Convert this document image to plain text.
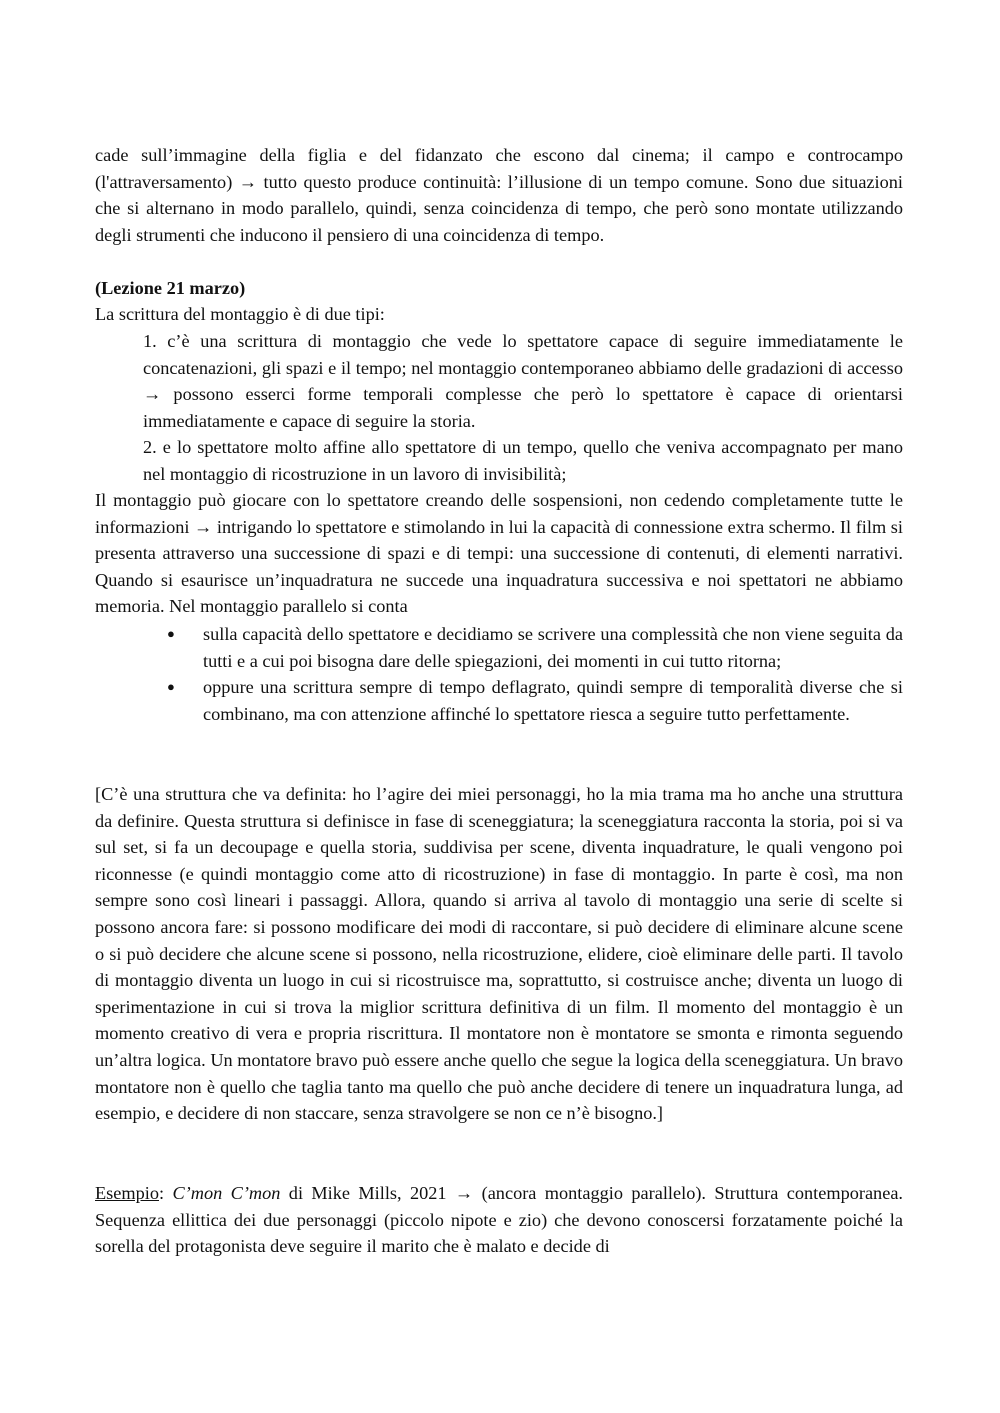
cade sull’immagine della figlia e del fidanzato che escono dal cinema; il campo e controcampo (l'attraversamento) → tutto questo produce continuità: l’illusione di un tempo comune. Sono due situazioni che si alternano in modo parallelo, quindi, senza coincidenza di tempo, che però sono montate utilizzando degli strumenti che inducono il pensiero di una coincidenza di tempo.

(Lezione 21 marzo)

La scrittura del montaggio è di due tipi:

1. c’è una scrittura di montaggio che vede lo spettatore capace di seguire immediatamente le concatenazioni, gli spazi e il tempo; nel montaggio contemporaneo abbiamo delle gradazioni di accesso → possono esserci forme temporali complesse che però lo spettatore è capace di orientarsi immediatamente e capace di seguire la storia.

2. e lo spettatore molto affine allo spettatore di un tempo, quello che veniva accompagnato per mano nel montaggio di ricostruzione in un lavoro di invisibilità;

Il montaggio può giocare con lo spettatore creando delle sospensioni, non cedendo completamente tutte le informazioni → intrigando lo spettatore e stimolando in lui la capacità di connessione extra schermo. Il film si presenta attraverso una successione di spazi e di tempi: una successione di contenuti, di elementi narrativi. Quando si esaurisce un’inquadratura ne succede una inquadratura successiva e noi spettatori ne abbiamo memoria. Nel montaggio parallelo si conta

● sulla capacità dello spettatore e decidiamo se scrivere una complessità che non viene seguita da tutti e a cui poi bisogna dare delle spiegazioni, dei momenti in cui tutto ritorna;
● oppure una scrittura sempre di tempo deflagrato, quindi sempre di temporalità diverse che si combinano, ma con attenzione affinché lo spettatore riesca a seguire tutto perfettamente.

[C’è una struttura che va definita: ho l’agire dei miei personaggi, ho la mia trama ma ho anche una struttura da definire. Questa struttura si definisce in fase di sceneggiatura; la sceneggiatura racconta la storia, poi si va sul set, si fa un decoupage e quella storia, suddivisa per scene, diventa inquadrature, le quali vengono poi riconnesse (e quindi montaggio come atto di ricostruzione) in fase di montaggio. In parte è così, ma non sempre sono così lineari i passaggi. Allora, quando si arriva al tavolo di montaggio una serie di scelte si possono ancora fare: si possono modificare dei modi di raccontare, si può decidere di eliminare alcune scene o si può decidere che alcune scene si possono, nella ricostruzione, elidere, cioè eliminare delle parti. Il tavolo di montaggio diventa un luogo in cui si ricostruisce ma, soprattutto, si costruisce anche; diventa un luogo di sperimentazione in cui si trova la miglior scrittura definitiva di un film. Il momento del montaggio è un momento creativo di vera e propria riscrittura. Il montatore non è montatore se smonta e rimonta seguendo un’altra logica. Un montatore bravo può essere anche quello che segue la logica della sceneggiatura. Un bravo montatore non è quello che taglia tanto ma quello che può anche decidere di tenere un inquadratura lunga, ad esempio, e decidere di non staccare, senza stravolgere se non ce n’è bisogno.]

Esempio: C’mon C’mon di Mike Mills, 2021 → (ancora montaggio parallelo). Struttura contemporanea. Sequenza ellittica dei due personaggi (piccolo nipote e zio) che devono conoscersi forzatamente poiché la sorella del protagonista deve seguire il marito che è malato e decide di
